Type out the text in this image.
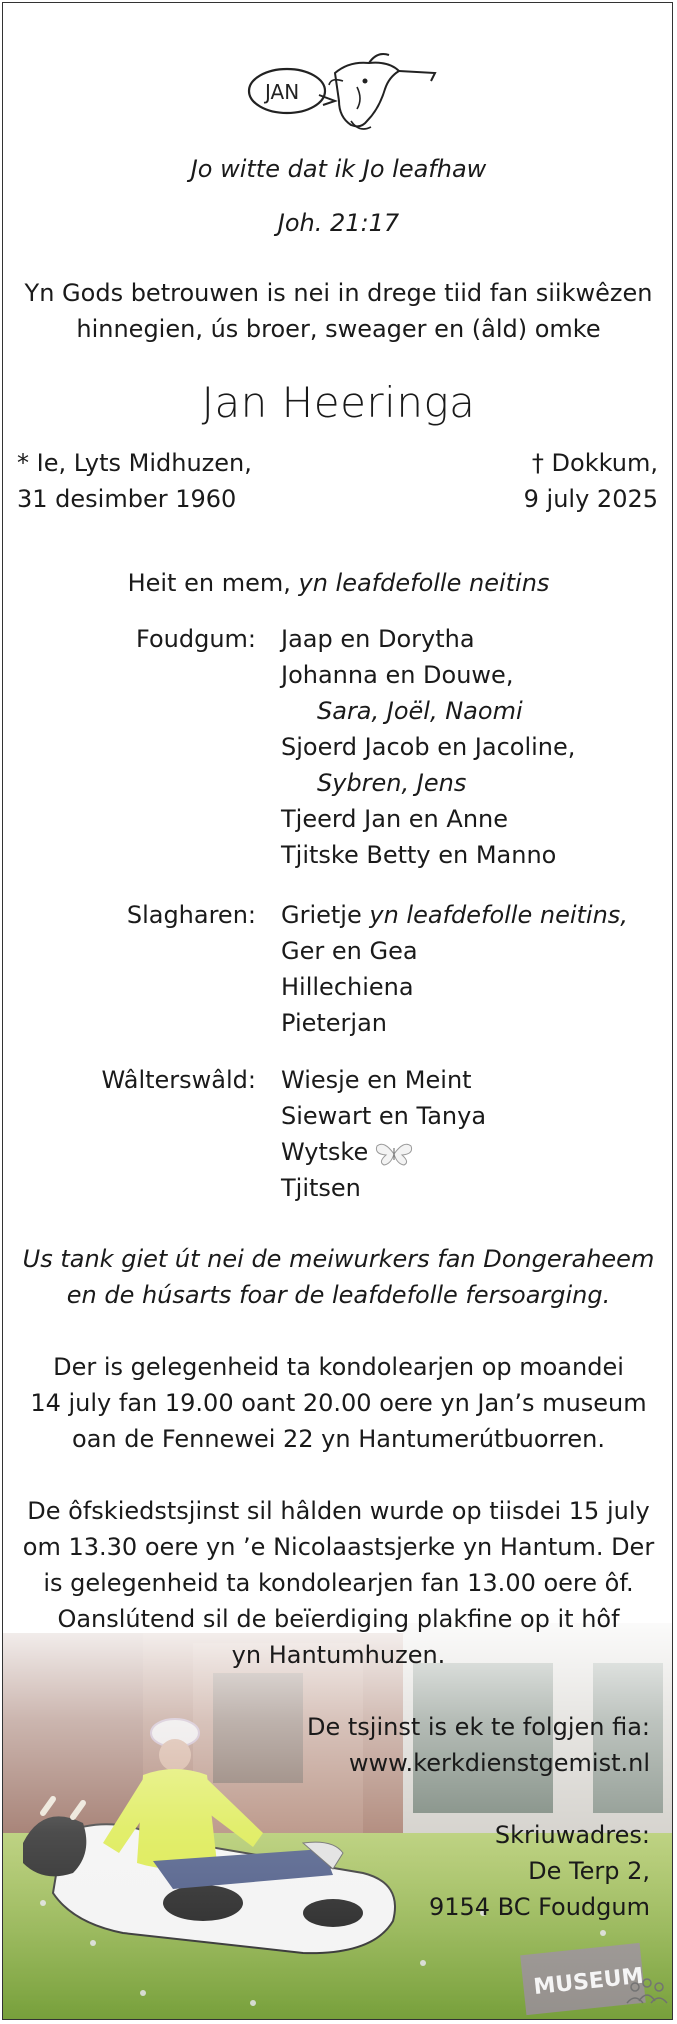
JAN
Jo witte dat ik Jo leafhaw
Joh. 21:17
Yn Gods betrouwen is nei in drege tiid fan siikwêzen
hinnegien, ús broer, sweager en (âld) omke
Jan Heeringa
* Ie, Lyts Midhuzen,
31 desimber 1960
† Dokkum,
9 july 2025
Heit en mem, yn leafdefolle neitins
Foudgum: Jaap en Dorytha
Johanna en Douwe,
Sara, Joël, Naomi
Sjoerd Jacob en Jacoline,
Sybren, Jens
Tjeerd Jan en Anne
Tjitske Betty en Manno
Slagharen: Grietje yn leafdefolle neitins,
Ger en Gea
Hillechiena
Pieterjan
Wâlterswâld: Wiesje en Meint
Siewart en Tanya
Wytske
Tjitsen
Us tank giet út nei de meiwurkers fan Dongeraheem
en de húsarts foar de leafdefolle fersoarging.
Der is gelegenheid ta kondolearjen op moandei
14 july fan 19.00 oant 20.00 oere yn Jan’s museum
oan de Fennewei 22 yn Hantumerútbuorren.
De ôfskiedstsjinst sil hâlden wurde op tiisdei 15 july
om 13.30 oere yn ’e Nicolaastsjerke yn Hantum. Der
is gelegenheid ta kondolearjen fan 13.00 oere ôf.
Oanslútend sil de beïerdiging plakfine op it hôf
yn Hantumhuzen.
De tsjinst is ek te folgjen fia:
www.kerkdienstgemist.nl
Skriuwadres:
De Terp 2,
9154 BC Foudgum
